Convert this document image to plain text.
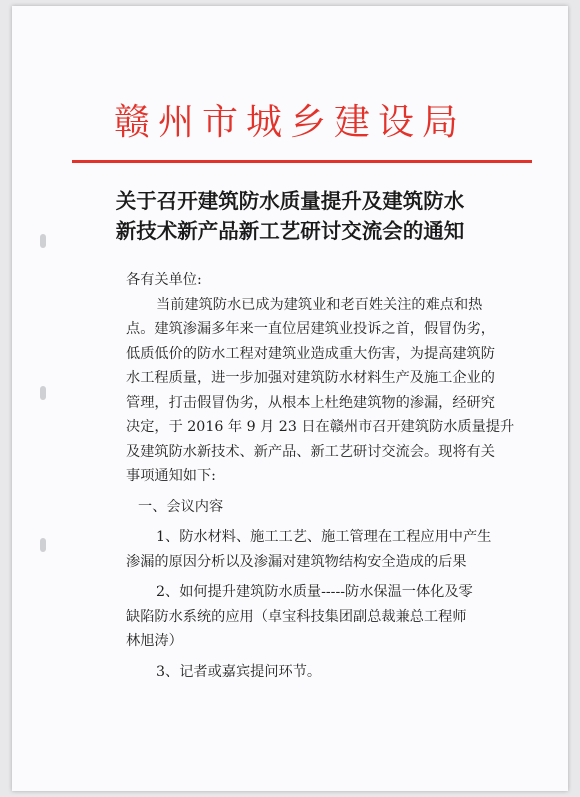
赣州市城乡建设局
关于召开建筑防水质量提升及建筑防水
新技术新产品新工艺研讨交流会的通知
各有关单位:
当前建筑防水已成为建筑业和老百姓关注的难点和热
点。建筑渗漏多年来一直位居建筑业投诉之首，假冒伪劣，
低质低价的防水工程对建筑业造成重大伤害，为提高建筑防
水工程质量，进一步加强对建筑防水材料生产及施工企业的
管理，打击假冒伪劣，从根本上杜绝建筑物的渗漏，经研究
决定，于 2016 年 9 月 23 日在赣州市召开建筑防水质量提升
及建筑防水新技术、新产品、新工艺研讨交流会。现将有关
事项通知如下:
一、会议内容
1、防水材料、施工工艺、施工管理在工程应用中产生
渗漏的原因分析以及渗漏对建筑物结构安全造成的后果
2、如何提升建筑防水质量-----防水保温一体化及零
缺陷防水系统的应用（卓宝科技集团副总裁兼总工程师
林旭涛）
3、记者或嘉宾提问环节。
